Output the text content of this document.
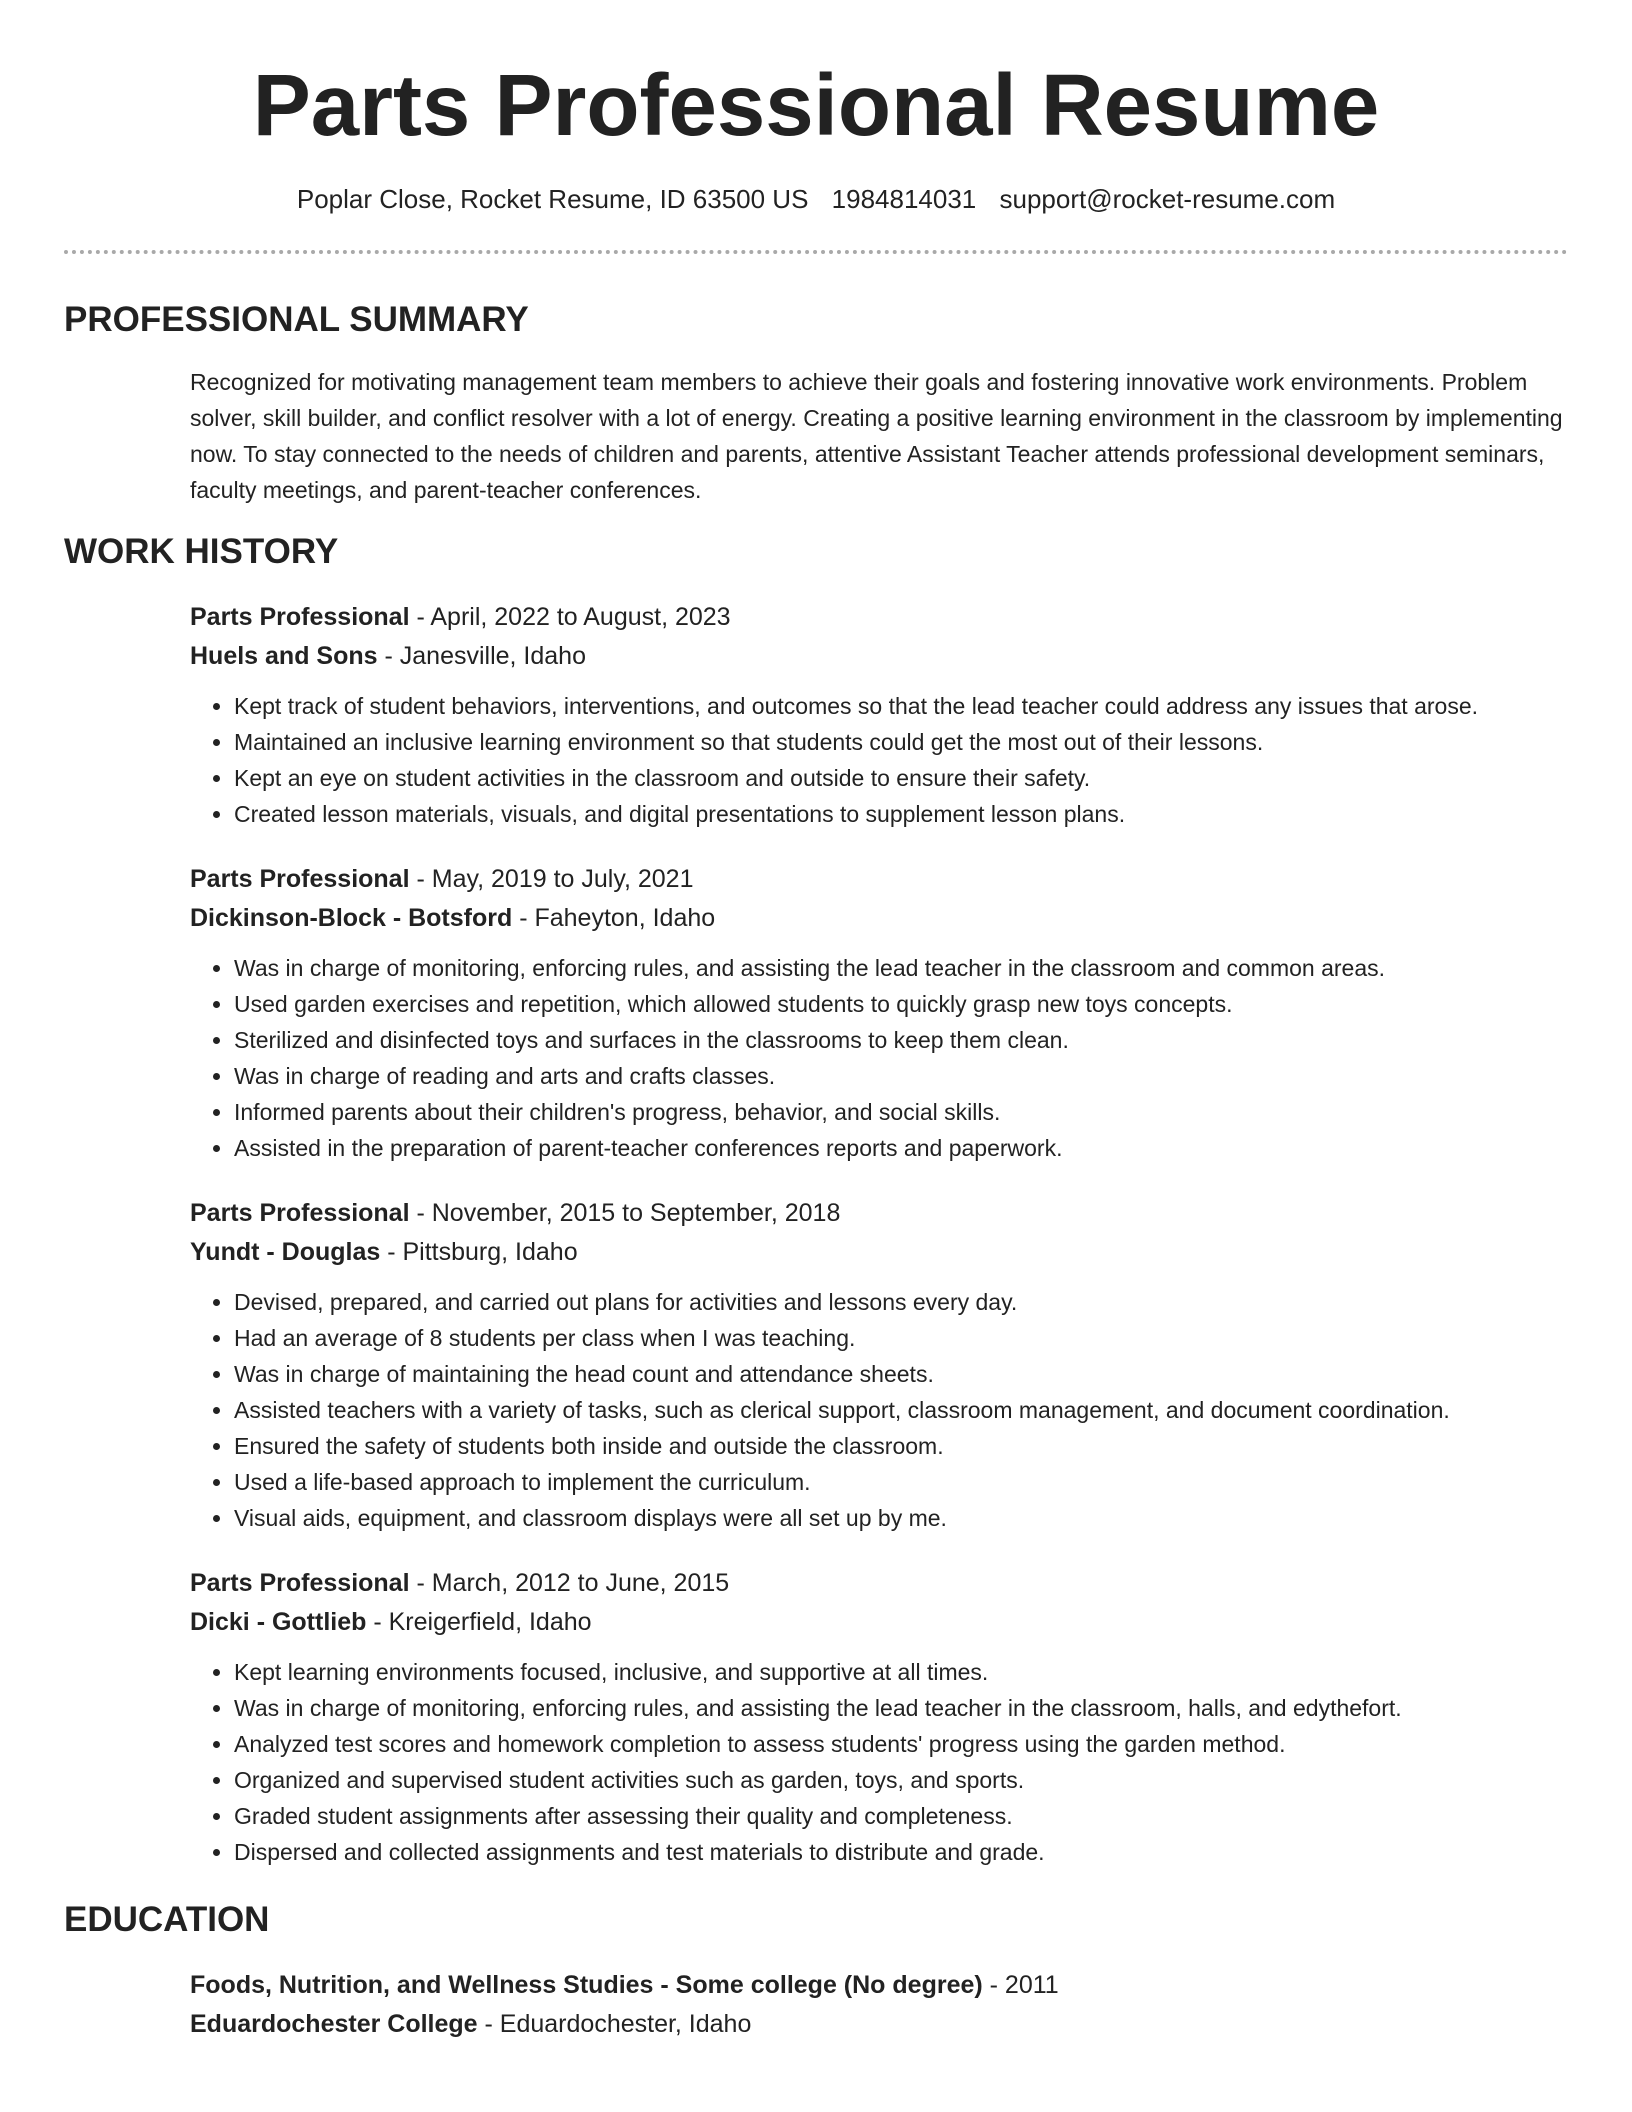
Parts Professional Resume
Poplar Close, Rocket Resume, ID 63500 US 1984814031 support@rocket-resume.com
PROFESSIONAL SUMMARY
Recognized for motivating management team members to achieve their goals and fostering innovative work environments. Problem solver, skill builder, and conflict resolver with a lot of energy. Creating a positive learning environment in the classroom by implementing now. To stay connected to the needs of children and parents, attentive Assistant Teacher attends professional development seminars, faculty meetings, and parent-teacher conferences.
WORK HISTORY
Parts Professional - April, 2022 to August, 2023
Huels and Sons - Janesville, Idaho
• Kept track of student behaviors, interventions, and outcomes so that the lead teacher could address any issues that arose.
• Maintained an inclusive learning environment so that students could get the most out of their lessons.
• Kept an eye on student activities in the classroom and outside to ensure their safety.
• Created lesson materials, visuals, and digital presentations to supplement lesson plans.
Parts Professional - May, 2019 to July, 2021
Dickinson-Block - Botsford - Faheyton, Idaho
• Was in charge of monitoring, enforcing rules, and assisting the lead teacher in the classroom and common areas.
• Used garden exercises and repetition, which allowed students to quickly grasp new toys concepts.
• Sterilized and disinfected toys and surfaces in the classrooms to keep them clean.
• Was in charge of reading and arts and crafts classes.
• Informed parents about their children's progress, behavior, and social skills.
• Assisted in the preparation of parent-teacher conferences reports and paperwork.
Parts Professional - November, 2015 to September, 2018
Yundt - Douglas - Pittsburg, Idaho
• Devised, prepared, and carried out plans for activities and lessons every day.
• Had an average of 8 students per class when I was teaching.
• Was in charge of maintaining the head count and attendance sheets.
• Assisted teachers with a variety of tasks, such as clerical support, classroom management, and document coordination.
• Ensured the safety of students both inside and outside the classroom.
• Used a life-based approach to implement the curriculum.
• Visual aids, equipment, and classroom displays were all set up by me.
Parts Professional - March, 2012 to June, 2015
Dicki - Gottlieb - Kreigerfield, Idaho
• Kept learning environments focused, inclusive, and supportive at all times.
• Was in charge of monitoring, enforcing rules, and assisting the lead teacher in the classroom, halls, and edythefort.
• Analyzed test scores and homework completion to assess students' progress using the garden method.
• Organized and supervised student activities such as garden, toys, and sports.
• Graded student assignments after assessing their quality and completeness.
• Dispersed and collected assignments and test materials to distribute and grade.
EDUCATION
Foods, Nutrition, and Wellness Studies - Some college (No degree) - 2011
Eduardochester College - Eduardochester, Idaho
